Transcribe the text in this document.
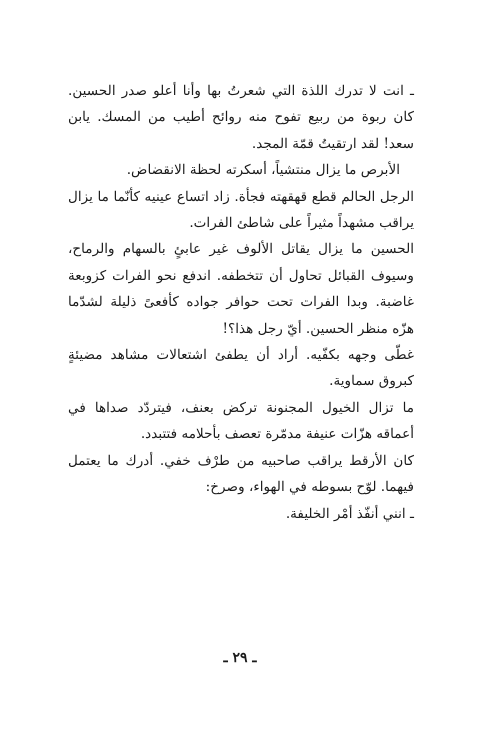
ـ انت لا تدرك اللذة التي شعرتُ بها وأنا أعلو صدر الحسين. كان ربوة من ربيع تفوح منه روائح أطيب من المسك. يابن سعد! لقد ارتقيتُ قمّة المجد.

الأبرص ما يزال منتشياً، أسكرته لحظة الانقضاض.

الرجل الحالم قطع قهقهته فجأة. زاد اتساع عينيه كأنّما ما يزال يراقب مشهداً مثيراً على شاطئ الفرات.

الحسين ما يزال يقاتل الألوف غير عابئٍ بالسهام والرماح، وسيوف القبائل تحاول أن تتخطفه. اندفع نحو الفرات كزوبعة غاضبة. وبدا الفرات تحت حوافر جواده كأفعىً ذليلة لشدّما هزّه منظر الحسين. أيّ رجل هذا؟!

غطّى وجهه بكفّيه. أراد أن يطفئ اشتعالات مشاهد مضيئةٍ كبروق سماوية.

ما تزال الخيول المجنونة تركض بعنف، فيتردّد صداها في أعماقه هزّات عنيفة مدمّرة تعصف بأحلامه فتتبدد.

كان الأرقط يراقب صاحبيه من طرْف خفي. أدرك ما يعتمل فيهما. لوّح بسوطه في الهواء، وصرخ:

ـ انني أنفّذ أمْر الخليفة.

ـ ٢٩ ـ
